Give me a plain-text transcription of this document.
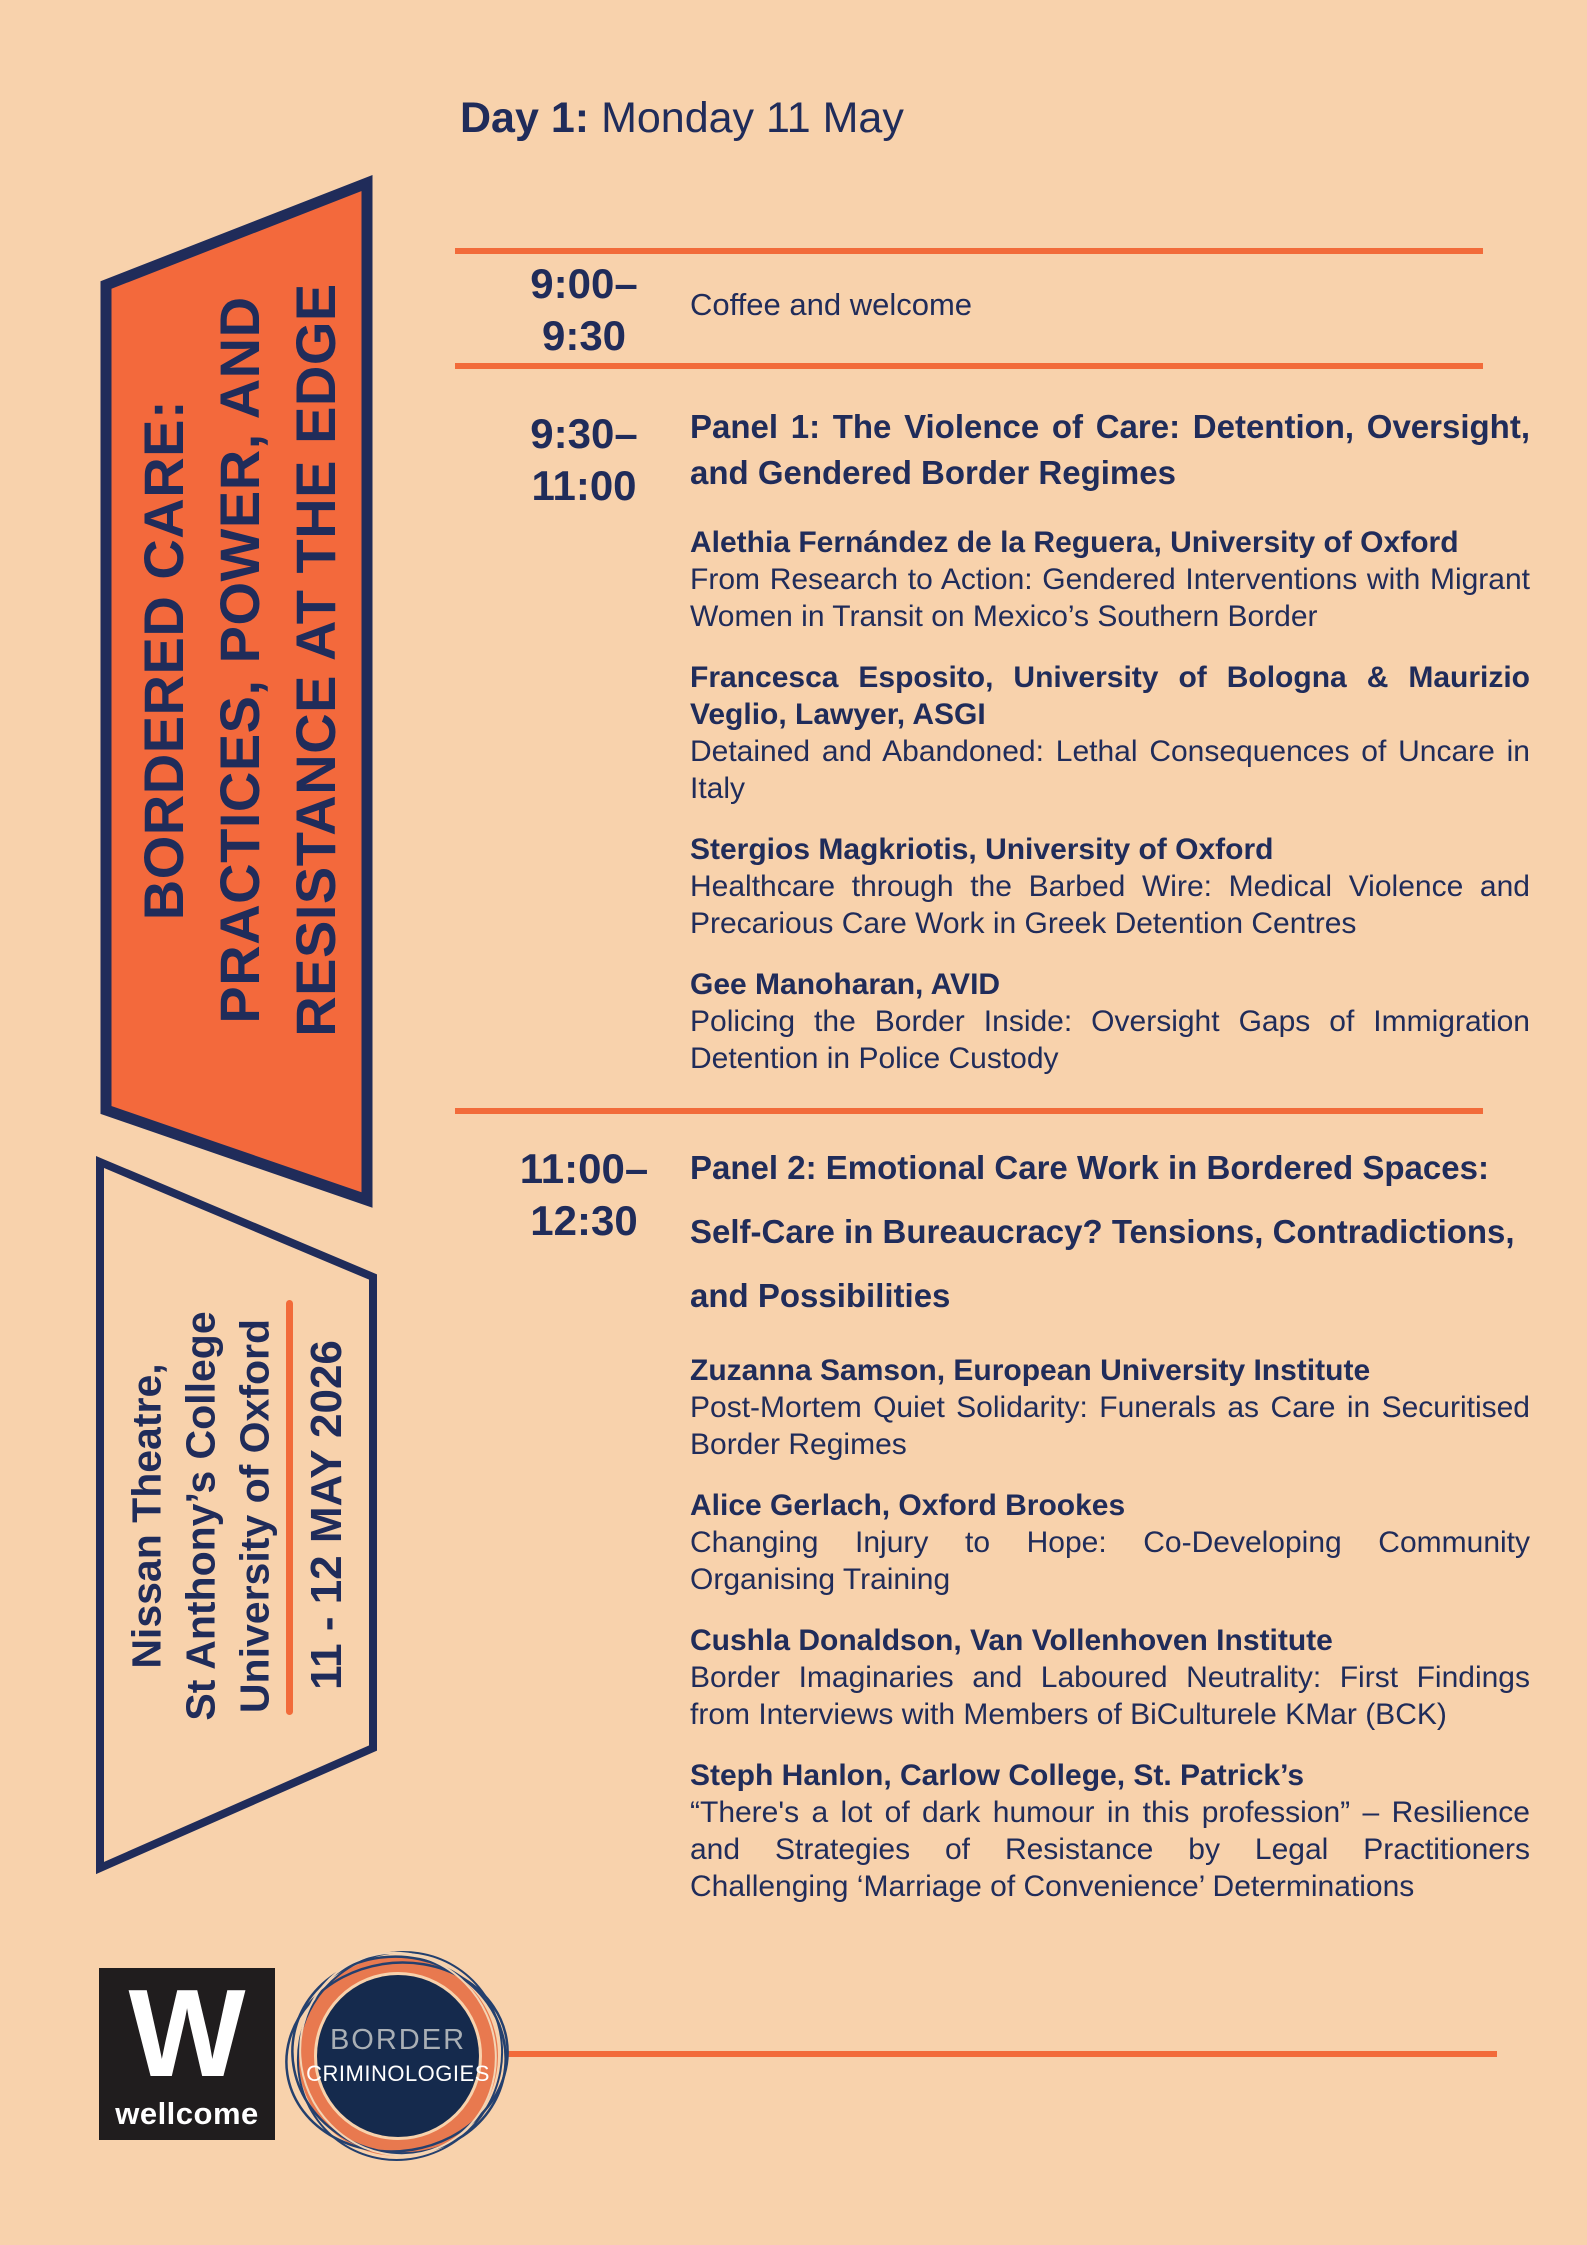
BORDERED CARE: PRACTICES, POWER, AND RESISTANCE AT THE EDGE
Nissan Theatre, St Anthony’s College University of Oxford 11 - 12 MAY 2026
Day 1: Monday 11 May
9:00–
9:30
9:30–
11:00
11:00–
12:30
Coffee and welcome

Panel 1: The Violence of Care: Detention, Oversight, and Gendered Border Regimes

Alethia Fernández de la Reguera, University of Oxford

From Research to Action: Gendered Interventions with Migrant Women in Transit on Mexico’s Southern Border

Francesca Esposito, University of Bologna & Maurizio Veglio, Lawyer, ASGI

Detained and Abandoned: Lethal Consequences of Uncare in Italy

Stergios Magkriotis, University of Oxford

Healthcare through the Barbed Wire: Medical Violence and Precarious Care Work in Greek Detention Centres

Gee Manoharan, AVID

Policing the Border Inside: Oversight Gaps of Immigration Detention in Police Custody

Panel 2: Emotional Care Work in Bordered Spaces: Self-Care in Bureaucracy? Tensions, Contradictions, and Possibilities

Zuzanna Samson, European University Institute

Post-Mortem Quiet Solidarity: Funerals as Care in Securitised Border Regimes

Alice Gerlach, Oxford Brookes

Changing Injury to Hope: Co-Developing Community Organising Training

Cushla Donaldson, Van Vollenhoven Institute

Border Imaginaries and Laboured Neutrality: First Findings from Interviews with Members of BiCulturele KMar (BCK)

Steph Hanlon, Carlow College, St. Patrick’s

“There's a lot of dark humour in this profession” – Resilience and Strategies of Resistance by Legal Practitioners Challenging ‘Marriage of Convenience’ Determinations

W
wellcome
BORDER
CRIMINOLOGIES
